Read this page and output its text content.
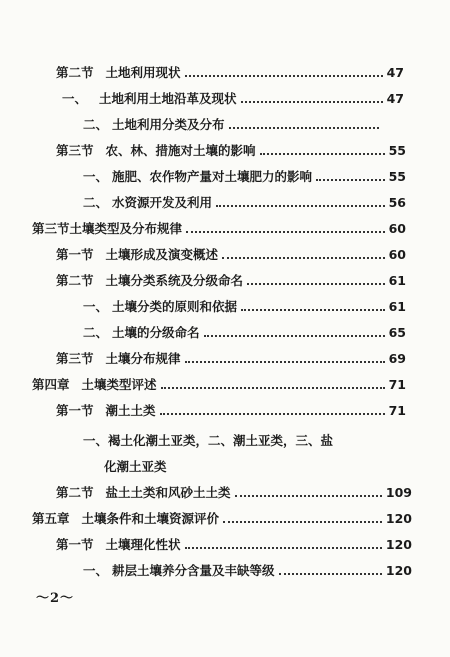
第二节 土地利用现状	47
一、 土地利用土地沿革及现状	47
二、 土地利用分类及分布
第三节 农、林、措施对土壤的影响	55
一、 施肥、农作物产量对土壤肥力的影响	55
二、 水资源开发及利用	56
第三节土壤类型及分布规律	60
第一节 土壤形成及演变概述	60
第二节 土壤分类系统及分级命名	61
一、 土壤分类的原则和依据	61
二、 土壤的分级命名	65
第三节 土壤分布规律	69
第四章 土壤类型评述	71
第一节 潮土土类	71
一、褐土化潮土亚类，二、潮土亚类，三、盐
化潮土亚类
第二节 盐土土类和风砂土土类	109
第五章 土壤条件和土壤资源评价	120
第一节 土壤理化性状	120
一、 耕层土壤养分含量及丰缺等级	120
～2～
